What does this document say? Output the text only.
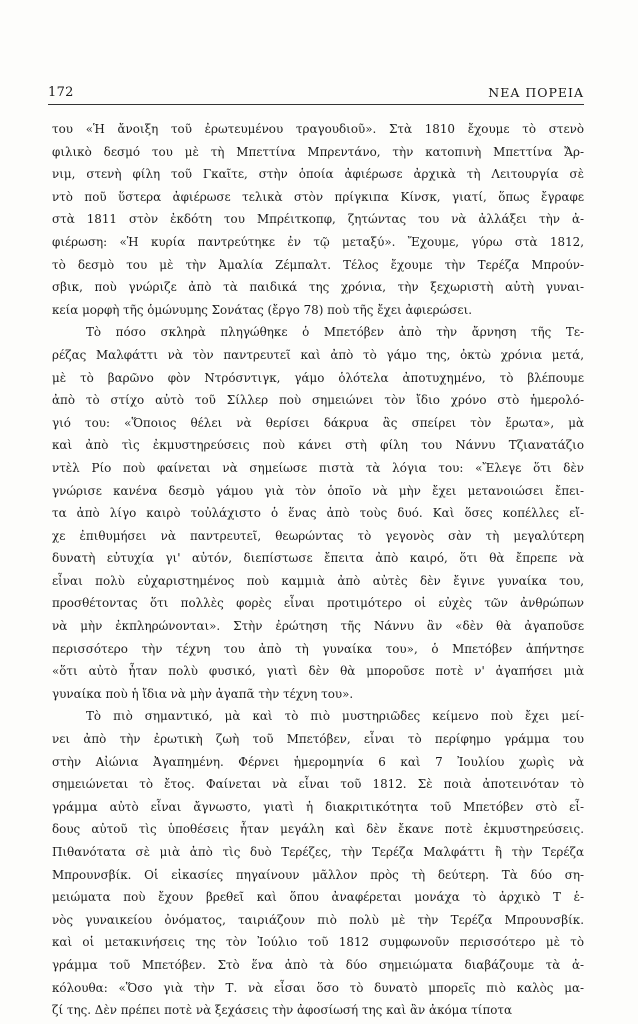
172	ΝΕΑ ΠΟΡΕΙΑ
του «Ἡ ἄνοιξη τοῦ ἐρωτευμένου τραγουδιοῦ». Στὰ 1810 ἔχουμε τὸ στενὸ
φιλικὸ δεσμό του μὲ τὴ Μπεττίνα Μπρεντάνο, τὴν κατοπινὴ Μπεττίνα Ἄρ-
νιμ, στενὴ φίλη τοῦ Γκαῖτε, στὴν ὁποία ἀφιέρωσε ἀρχικὰ τὴ Λειτουργία σὲ
ντὸ ποῦ ὕστερα ἀφιέρωσε τελικὰ στὸν πρίγκιπα Κίνσκ, γιατί, ὅπως ἔγραφε
στὰ 1811 στὸν ἐκδότη του Μπρέιτκοπφ, ζητώντας του νὰ ἀλλάξει τὴν ἀ-
φιέρωση: «Ἡ κυρία παντρεύτηκε ἐν τῷ μεταξύ». Ἔχουμε, γύρω στὰ 1812,
τὸ δεσμὸ του μὲ τὴν Ἀμαλία Ζέμπαλτ. Τέλος ἔχουμε τὴν Τερέζα Μπρούν-
σβικ, ποὺ γνώριζε ἀπὸ τὰ παιδικά της χρόνια, τὴν ξεχωριστὴ αὐτὴ γυναι-
κεία μορφὴ τῆς ὁμώνυμης Σονάτας (ἔργο 78) ποὺ τῆς ἔχει ἀφιερώσει.
Τὸ πόσο σκληρὰ πληγώθηκε ὁ Μπετόβεν ἀπὸ τὴν ἄρνηση τῆς Τε-
ρέζας Μαλφάττι νὰ τὸν παντρευτεῖ καὶ ἀπὸ τὸ γάμο της, ὀκτὼ χρόνια μετά,
μὲ τὸ βαρῶνο φὸν Ντρόσντιγκ, γάμο ὁλότελα ἀποτυχημένο, τὸ βλέπουμε
ἀπὸ τὸ στίχο αὐτὸ τοῦ Σίλλερ ποὺ σημειώνει τὸν ἴδιο χρόνο στὸ ἡμερολό-
γιό του: «Ὅποιος θέλει νὰ θερίσει δάκρυα ἂς σπείρει τὸν ἔρωτα», μὰ
καὶ ἀπὸ τὶς ἐκμυστηρεύσεις ποὺ κάνει στὴ φίλη του Νάννυ Τζιανατάζιο
ντὲλ Ρίο ποὺ φαίνεται νὰ σημείωσε πιστὰ τὰ λόγια του: «Ἔλεγε ὅτι δὲν
γνώρισε κανένα δεσμὸ γάμου γιὰ τὸν ὁποῖο νὰ μὴν ἔχει μετανοιώσει ἔπει-
τα ἀπὸ λίγο καιρὸ τοὐλάχιστο ὁ ἕνας ἀπὸ τοὺς δυό. Καὶ ὅσες κοπέλλες εἴ-
χε ἐπιθυμήσει νὰ παντρευτεῖ, θεωρώντας τὸ γεγονὸς σὰν τὴ μεγαλύτερη
δυνατὴ εὐτυχία γι' αὐτόν, διεπίστωσε ἔπειτα ἀπὸ καιρό, ὅτι θὰ ἔπρεπε νὰ
εἶναι πολὺ εὐχαριστημένος ποὺ καμμιὰ ἀπὸ αὐτὲς δὲν ἔγινε γυναίκα του,
προσθέτοντας ὅτι πολλὲς φορὲς εἶναι προτιμότερο οἱ εὐχὲς τῶν ἀνθρώπων
νὰ μὴν ἐκπληρώνονται». Στὴν ἐρώτηση τῆς Νάννυ ἂν «δὲν θὰ ἀγαποῦσε
περισσότερο τὴν τέχνη του ἀπὸ τὴ γυναίκα του», ὁ Μπετόβεν ἀπήντησε
«ὅτι αὐτὸ ἦταν πολὺ φυσικό, γιατὶ δὲν θὰ μποροῦσε ποτὲ ν' ἀγαπήσει μιὰ
γυναίκα ποὺ ἡ ἴδια νὰ μὴν ἀγαπᾶ τὴν τέχνη του».
Τὸ πιὸ σημαντικό, μὰ καὶ τὸ πιὸ μυστηριῶδες κείμενο ποὺ ἔχει μεί-
νει ἀπὸ τὴν ἐρωτικὴ ζωὴ τοῦ Μπετόβεν, εἶναι τὸ περίφημο γράμμα του
στὴν Αἰώνια Ἀγαπημένη. Φέρνει ἡμερομηνία 6 καὶ 7 Ἰουλίου χωρὶς νὰ
σημειώνεται τὸ ἔτος. Φαίνεται νὰ εἶναι τοῦ 1812. Σὲ ποιὰ ἀποτεινόταν τὸ
γράμμα αὐτὸ εἶναι ἄγνωστο, γιατὶ ἡ διακριτικότητα τοῦ Μπετόβεν στὸ εἶ-
δους αὐτοῦ τὶς ὑποθέσεις ἦταν μεγάλη καὶ δὲν ἔκανε ποτὲ ἐκμυστηρεύσεις.
Πιθανότατα σὲ μιὰ ἀπὸ τὶς δυὸ Τερέζες, τὴν Τερέζα Μαλφάττι ἢ τὴν Τερέζα
Μπρουνσβίκ. Οἱ εἰκασίες πηγαίνουν μᾶλλον πρὸς τὴ δεύτερη. Τὰ δύο ση-
μειώματα ποὺ ἔχουν βρεθεῖ καὶ ὅπου ἀναφέρεται μονάχα τὸ ἀρχικὸ Τ ἑ-
νὸς γυναικείου ὀνόματος, ταιριάζουν πιὸ πολὺ μὲ τὴν Τερέζα Μπρουνσβίκ.
καὶ οἱ μετακινήσεις της τὸν Ἰούλιο τοῦ 1812 συμφωνοῦν περισσότερο μὲ τὸ
γράμμα τοῦ Μπετόβεν. Στὸ ἕνα ἀπὸ τὰ δύο σημειώματα διαβάζουμε τὰ ἀ-
κόλουθα: «Ὅσο γιὰ τὴν Τ. νὰ εἶσαι ὅσο τὸ δυνατὸ μπορεῖς πιὸ καλὸς μα-
ζί της. Δὲν πρέπει ποτὲ νὰ ξεχάσεις τὴν ἀφοσίωσή της καὶ ἂν ἀκόμα τίποτα
